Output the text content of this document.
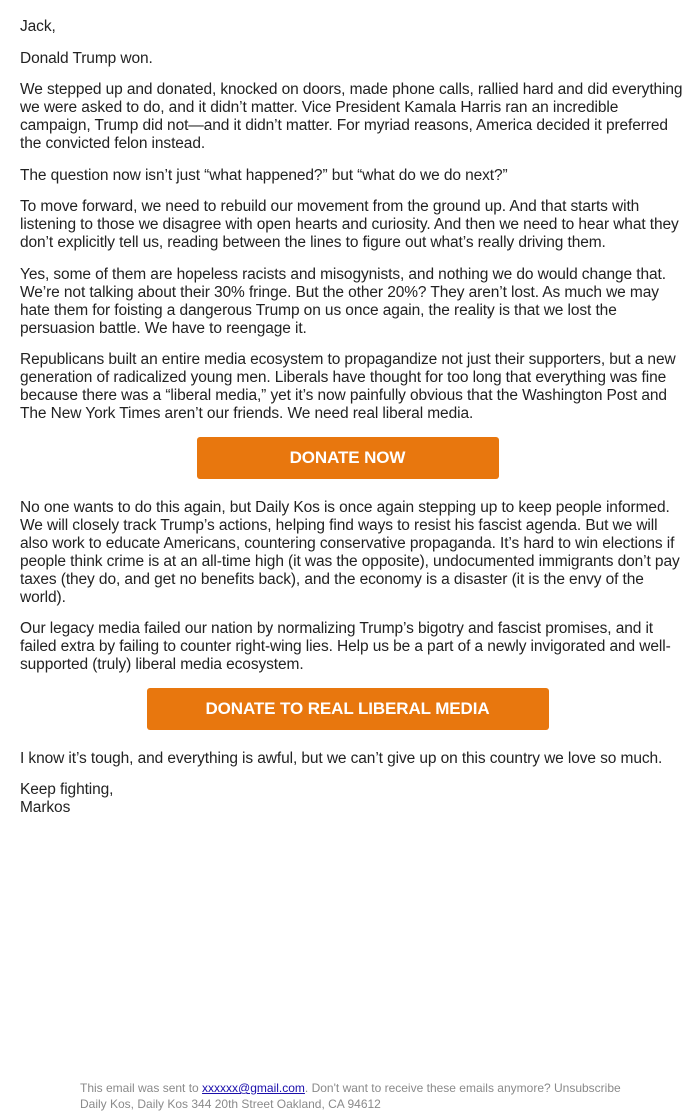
Jack,

Donald Trump won.

We stepped up and donated, knocked on doors, made phone calls, rallied hard and did everything we were asked to do, and it didn’t matter. Vice President Kamala Harris ran an incredible campaign, Trump did not—and it didn’t matter. For myriad reasons, America decided it preferred the convicted felon instead.

The question now isn’t just “what happened?” but “what do we do next?”

To move forward, we need to rebuild our movement from the ground up. And that starts with listening to those we disagree with open hearts and curiosity. And then we need to hear what they don’t explicitly tell us, reading between the lines to figure out what’s really driving them.

Yes, some of them are hopeless racists and misogynists, and nothing we do would change that. We’re not talking about their 30% fringe. But the other 20%? They aren’t lost. As much we may hate them for foisting a dangerous Trump on us once again, the reality is that we lost the persuasion battle. We have to reengage it.

Republicans built an entire media ecosystem to propagandize not just their supporters, but a new generation of radicalized young men. Liberals have thought for too long that everything was fine because there was a “liberal media,” yet it’s now painfully obvious that the Washington Post and The New York Times aren’t our friends. We need real liberal media.

DONATE NOW

No one wants to do this again, but Daily Kos is once again stepping up to keep people informed. We will closely track Trump’s actions, helping find ways to resist his fascist agenda. But we will also work to educate Americans, countering conservative propaganda. It’s hard to win elections if people think crime is at an all-time high (it was the opposite), undocumented immigrants don’t pay taxes (they do, and get no benefits back), and the economy is a disaster (it is the envy of the world).

Our legacy media failed our nation by normalizing Trump’s bigotry and fascist promises, and it failed extra by failing to counter right-wing lies. Help us be a part of a newly invigorated and well-supported (truly) liberal media ecosystem.

DONATE TO REAL LIBERAL MEDIA

I know it’s tough, and everything is awful, but we can’t give up on this country we love so much.

Keep fighting,
Markos

This email was sent to xxxxxx@gmail.com. Don't want to receive these emails anymore? Unsubscribe
Daily Kos, Daily Kos 344 20th Street Oakland, CA 94612
